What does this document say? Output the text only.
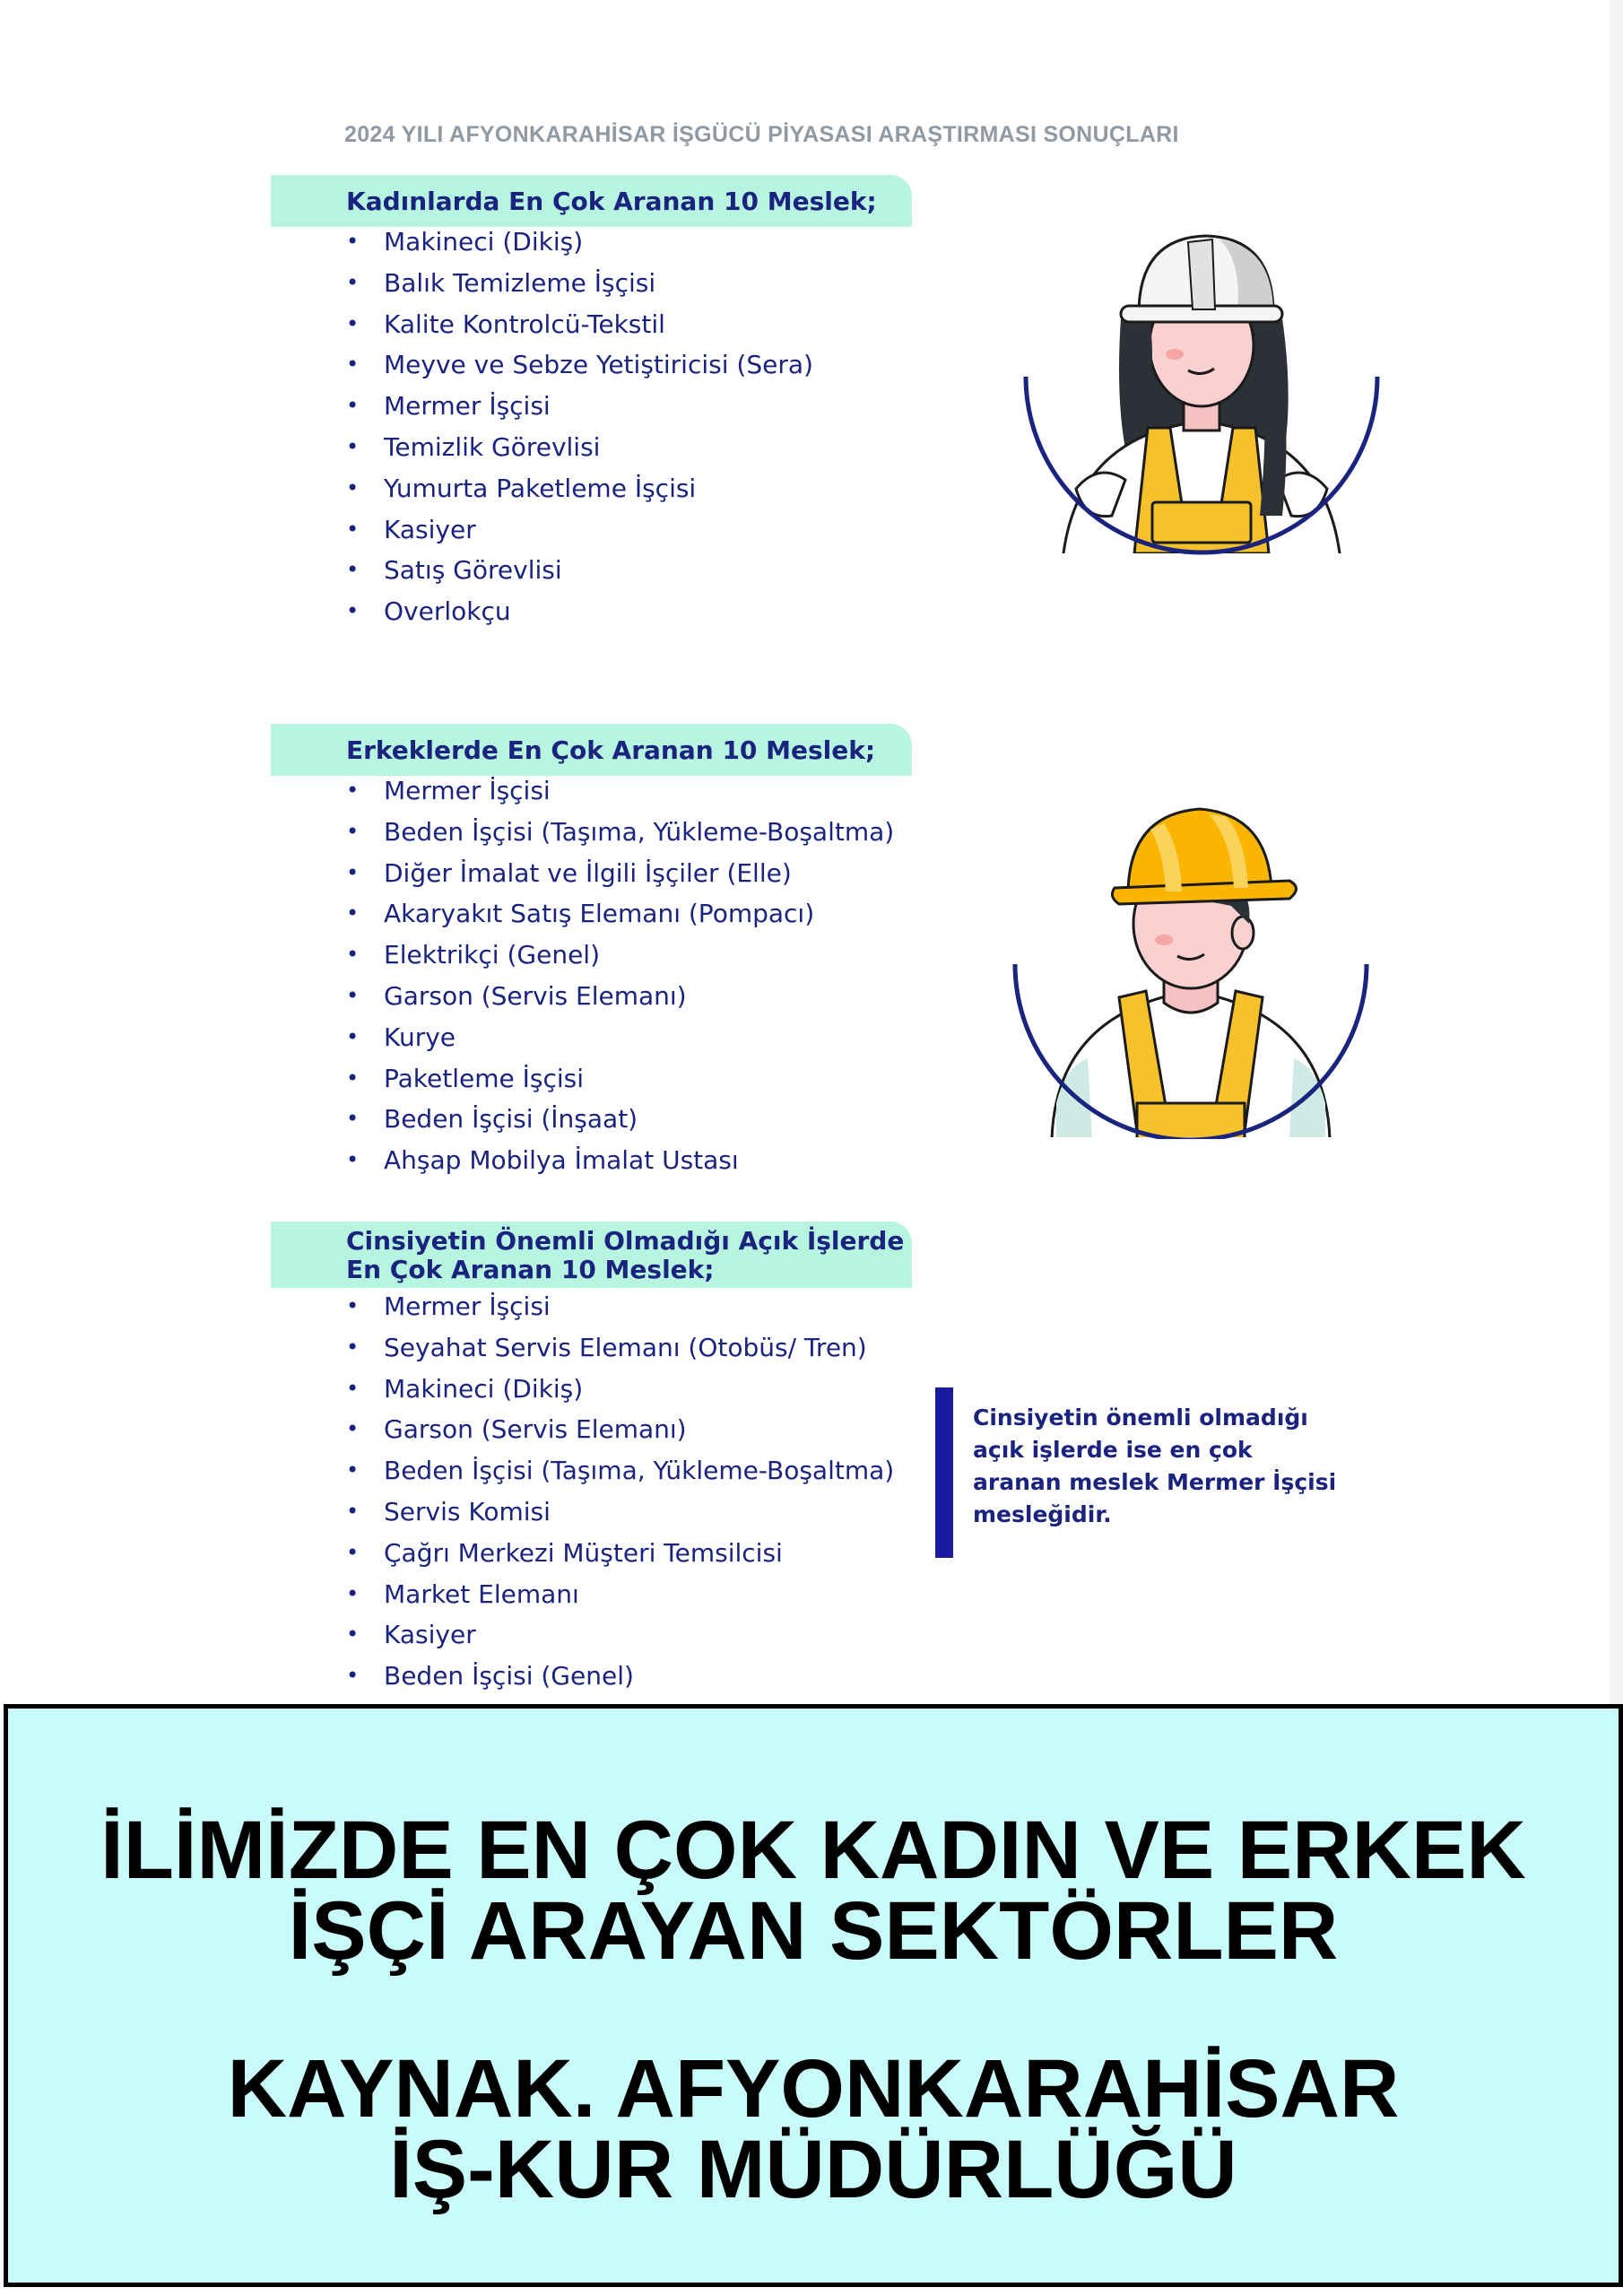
2024 YILI AFYONKARAHİSAR İŞGÜCÜ PİYASASI ARAŞTIRMASI SONUÇLARI
Kadınlarda En Çok Aranan 10 Meslek;
• Makineci (Dikiş)
• Balık Temizleme İşçisi
• Kalite Kontrolcü-Tekstil
• Meyve ve Sebze Yetiştiricisi (Sera)
• Mermer İşçisi
• Temizlik Görevlisi
• Yumurta Paketleme İşçisi
• Kasiyer
• Satış Görevlisi
• Overlokçu
Erkeklerde En Çok Aranan 10 Meslek;
• Mermer İşçisi
• Beden İşçisi (Taşıma, Yükleme-Boşaltma)
• Diğer İmalat ve İlgili İşçiler (Elle)
• Akaryakıt Satış Elemanı (Pompacı)
• Elektrikçi (Genel)
• Garson (Servis Elemanı)
• Kurye
• Paketleme İşçisi
• Beden İşçisi (İnşaat)
• Ahşap Mobilya İmalat Ustası
Cinsiyetin Önemli Olmadığı Açık İşlerde
En Çok Aranan 10 Meslek;
• Mermer İşçisi
• Seyahat Servis Elemanı (Otobüs/ Tren)
• Makineci (Dikiş)
• Garson (Servis Elemanı)
• Beden İşçisi (Taşıma, Yükleme-Boşaltma)
• Servis Komisi
• Çağrı Merkezi Müşteri Temsilcisi
• Market Elemanı
• Kasiyer
• Beden İşçisi (Genel)
Cinsiyetin önemli olmadığı
açık işlerde ise en çok
aranan meslek Mermer İşçisi
mesleğidir.
İLİMİZDE EN ÇOK KADIN VE ERKEK
İŞÇİ ARAYAN SEKTÖRLER
KAYNAK. AFYONKARAHİSAR
İŞ-KUR MÜDÜRLÜĞÜ
